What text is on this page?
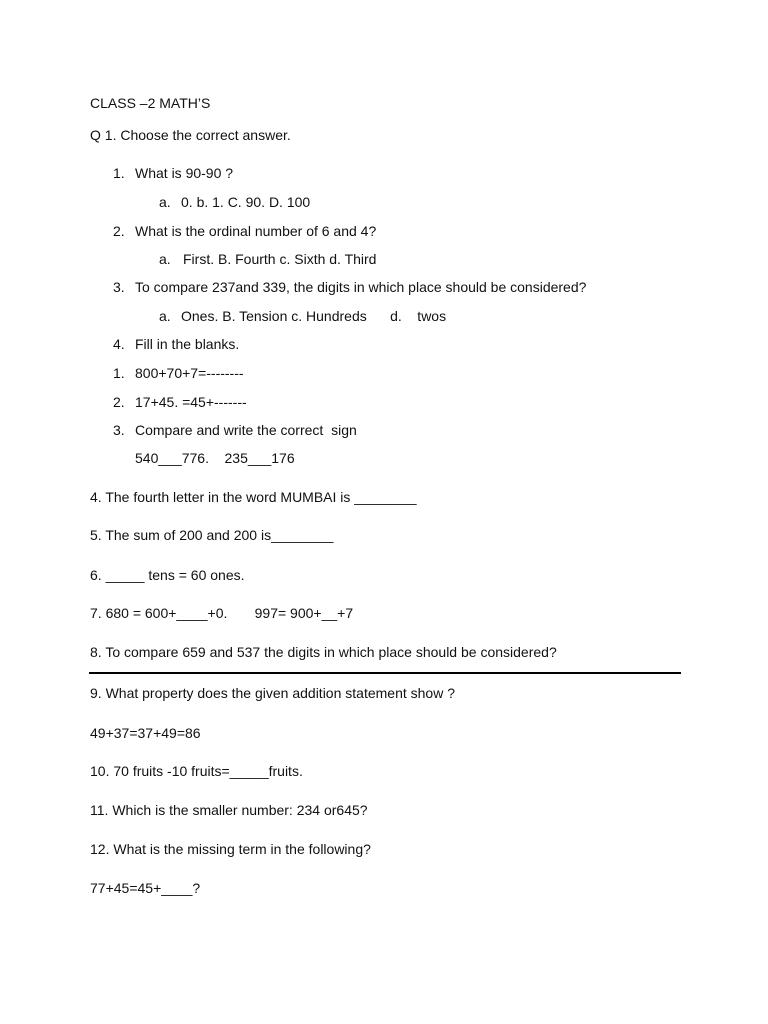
CLASS –2 MATH’S
Q 1. Choose the correct answer.
1. What is 90-90 ?
a. 0. b. 1. C. 90. D. 100
2. What is the ordinal number of 6 and 4?
a. First. B. Fourth c. Sixth d. Third
3. To compare 237and 339, the digits in which place should be considered?
a. Ones. B. Tension c. Hundreds      d.    twos
4. Fill in the blanks.
1. 800+70+7=--------
2. 17+45. =45+-------
3. Compare and write the correct  sign
540___776.    235___176
4. The fourth letter in the word MUMBAI is ________
5. The sum of 200 and 200 is________
6. _____ tens = 60 ones.
7. 680 = 600+____+0.       997= 900+__+7
8. To compare 659 and 537 the digits in which place should be considered?
9. What property does the given addition statement show ?
49+37=37+49=86
10. 70 fruits -10 fruits=_____fruits.
11. Which is the smaller number: 234 or645?
12. What is the missing term in the following?
77+45=45+____?
